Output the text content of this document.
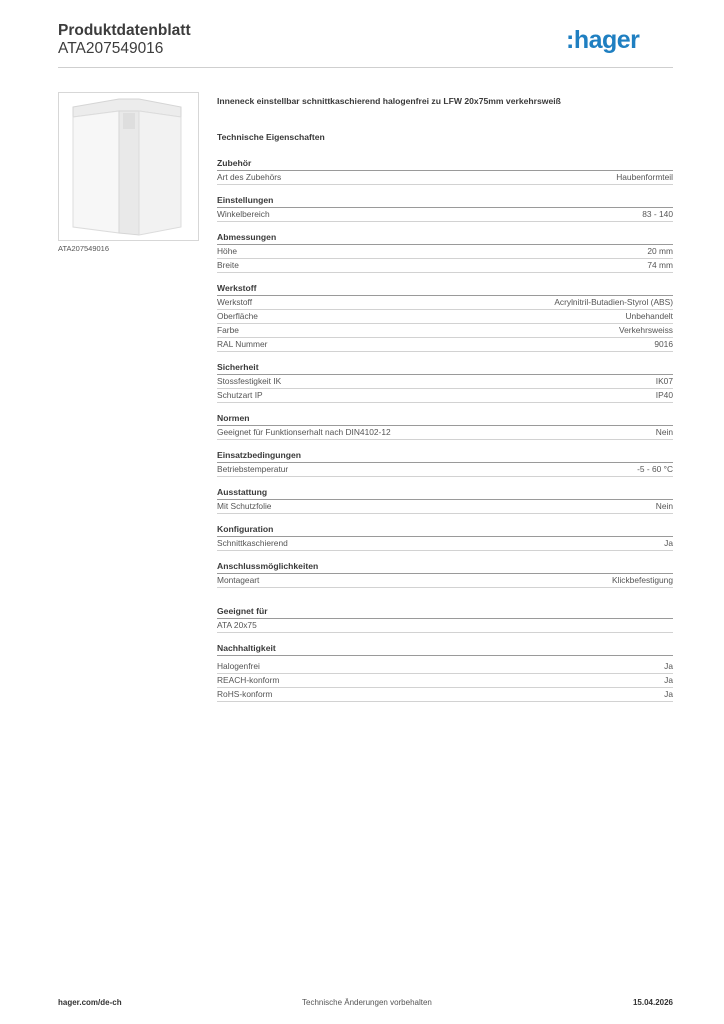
Produktdatenblatt
ATA207549016	:hager
ATA207549016
Inneneck einstellbar schnittkaschierend halogenfrei zu LFW 20x75mm verkehrsweiß
Technische Eigenschaften
Zubehör
Art des Zubehörs	Haubenformteil
Einstellungen
Winkelbereich	83 - 140
Abmessungen
Höhe	20 mm
Breite	74 mm
Werkstoff
Werkstoff	Acrylnitril-Butadien-Styrol (ABS)
Oberfläche	Unbehandelt
Farbe	Verkehrsweiss
RAL Nummer	9016
Sicherheit
Stossfestigkeit IK	IK07
Schutzart IP	IP40
Normen
Geeignet für Funktionserhalt nach DIN4102-12	Nein
Einsatzbedingungen
Betriebstemperatur	-5 - 60 °C
Ausstattung
Mit Schutzfolie	Nein
Konfiguration
Schnittkaschierend	Ja
Anschlussmöglichkeiten
Montageart	Klickbefestigung
Geeignet für
ATA 20x75
Nachhaltigkeit
Halogenfrei	Ja
REACH-konform	Ja
RoHS-konform	Ja
hager.com/de-ch	Technische Änderungen vorbehalten	15.04.2026
